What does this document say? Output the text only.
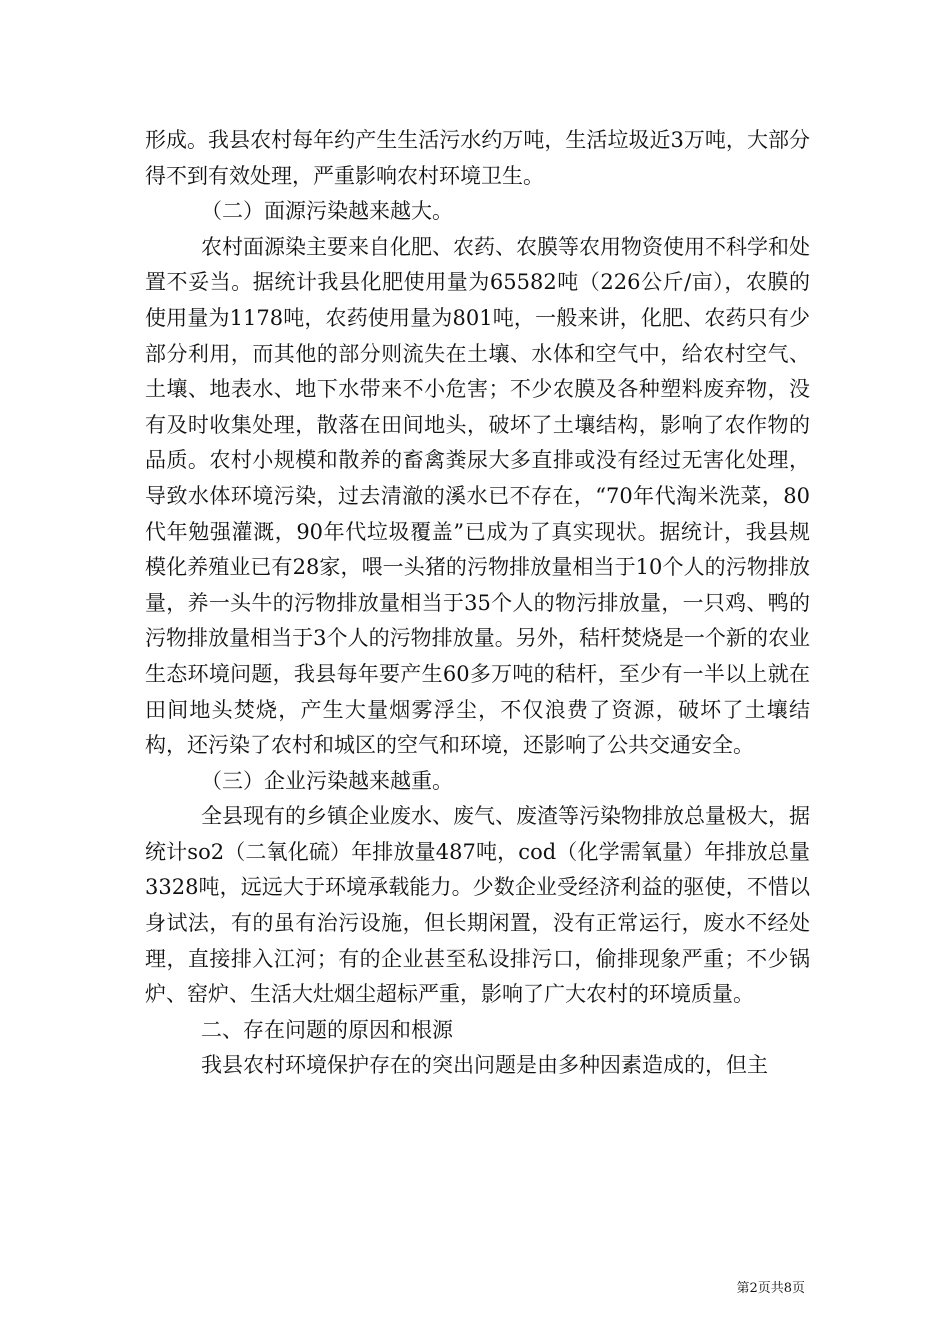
形成。我县农村每年约产生生活污水约万吨，生活垃圾近3万吨，大部分得不到有效处理，严重影响农村环境卫生。

（二）面源污染越来越大。

农村面源染主要来自化肥、农药、农膜等农用物资使用不科学和处置不妥当。据统计我县化肥使用量为65582吨（226公斤/亩），农膜的使用量为1178吨，农药使用量为801吨，一般来讲，化肥、农药只有少部分利用，而其他的部分则流失在土壤、水体和空气中，给农村空气、土壤、地表水、地下水带来不小危害；不少农膜及各种塑料废弃物，没有及时收集处理，散落在田间地头，破坏了土壤结构，影响了农作物的品质。农村小规模和散养的畜禽粪尿大多直排或没有经过无害化处理，导致水体环境污染，过去清澈的溪水已不存在，“70年代淘米洗菜，80代年勉强灌溉，90年代垃圾覆盖”已成为了真实现状。据统计，我县规模化养殖业已有28家，喂一头猪的污物排放量相当于10个人的污物排放量，养一头牛的污物排放量相当于35个人的物污排放量，一只鸡、鸭的污物排放量相当于3个人的污物排放量。另外，秸杆焚烧是一个新的农业生态环境问题，我县每年要产生60多万吨的秸杆，至少有一半以上就在田间地头焚烧，产生大量烟雾浮尘，不仅浪费了资源，破坏了土壤结构，还污染了农村和城区的空气和环境，还影响了公共交通安全。

（三）企业污染越来越重。

全县现有的乡镇企业废水、废气、废渣等污染物排放总量极大，据统计so2（二氧化硫）年排放量487吨，cod（化学需氧量）年排放总量3328吨，远远大于环境承载能力。少数企业受经济利益的驱使，不惜以身试法，有的虽有治污设施，但长期闲置，没有正常运行，废水不经处理，直接排入江河；有的企业甚至私设排污口，偷排现象严重；不少锅炉、窑炉、生活大灶烟尘超标严重，影响了广大农村的环境质量。

二、存在问题的原因和根源

我县农村环境保护存在的突出问题是由多种因素造成的，但主

第2页共8页
